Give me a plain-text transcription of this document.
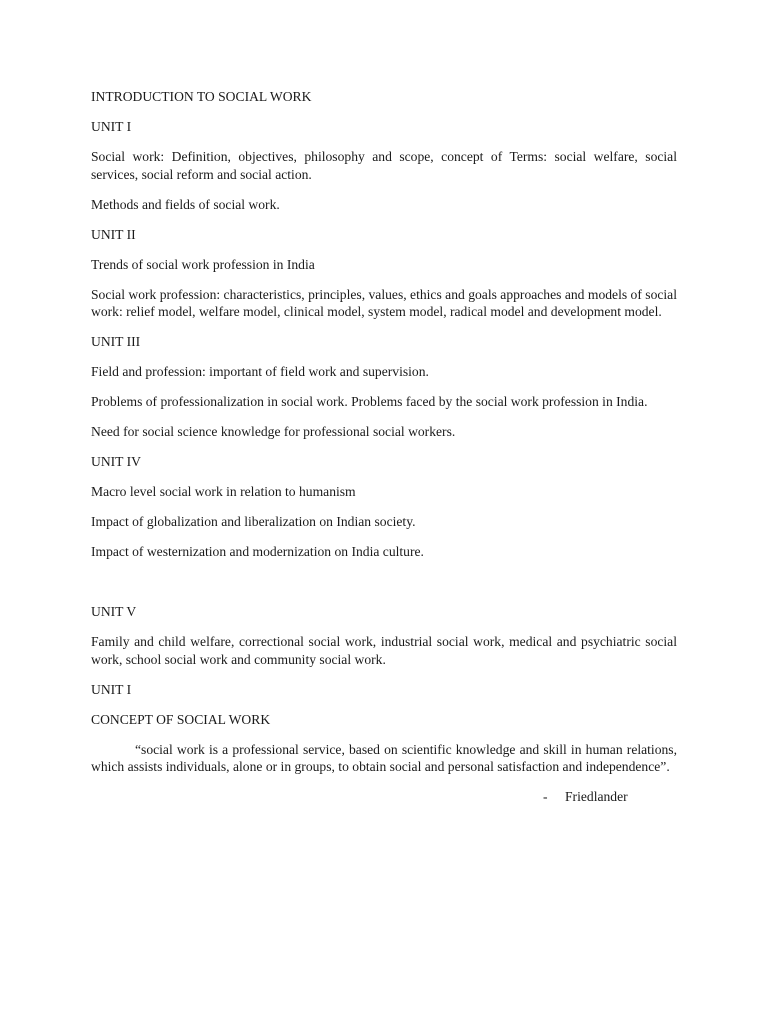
INTRODUCTION TO SOCIAL WORK
UNIT I
Social work: Definition, objectives, philosophy and scope, concept of Terms: social welfare, social services, social reform and social action.
Methods and fields of social work.
UNIT II
Trends of social work profession in India
Social work profession: characteristics, principles, values, ethics and goals approaches and models of social work: relief model, welfare model, clinical model, system model, radical model and development model.
UNIT III
Field and profession: important of field work and supervision.
Problems of professionalization in social work. Problems faced by the social work profession in India.
Need for social science knowledge for professional social workers.
UNIT IV
Macro level social work in relation to humanism
Impact of globalization and liberalization on Indian society.
Impact of westernization and modernization on India culture.
UNIT V
Family and child welfare, correctional social work, industrial social work, medical and psychiatric social work, school social work and community social work.
UNIT I
CONCEPT OF SOCIAL WORK
“social work is a professional service, based on scientific knowledge and skill in human relations, which assists individuals, alone or in groups, to obtain social and personal satisfaction and independence”.
- Friedlander
